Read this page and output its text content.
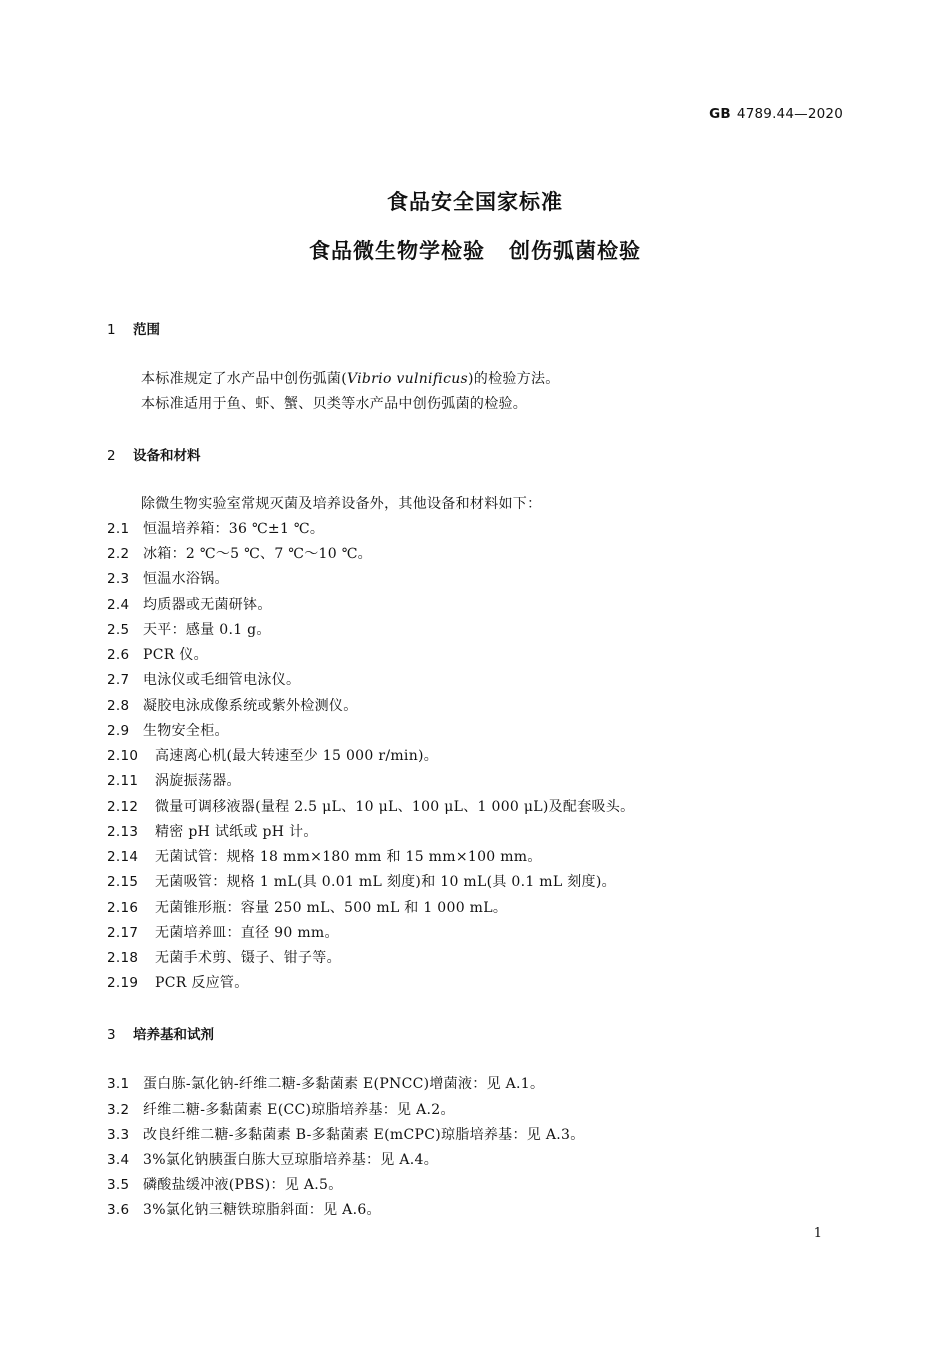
GB 4789.44—2020
食品安全国家标准
食品微生物学检验 创伤弧菌检验
1 范围
本标准规定了水产品中创伤弧菌(Vibrio vulnificus)的检验方法。
本标准适用于鱼、虾、蟹、贝类等水产品中创伤弧菌的检验。
2 设备和材料
除微生物实验室常规灭菌及培养设备外，其他设备和材料如下：
2.1 恒温培养箱：36 ℃±1 ℃。
2.2 冰箱：2 ℃～5 ℃、7 ℃～10 ℃。
2.3 恒温水浴锅。
2.4 均质器或无菌研钵。
2.5 天平：感量 0.1 g。
2.6 PCR 仪。
2.7 电泳仪或毛细管电泳仪。
2.8 凝胶电泳成像系统或紫外检测仪。
2.9 生物安全柜。
2.10 高速离心机(最大转速至少 15 000 r/min)。
2.11 涡旋振荡器。
2.12 微量可调移液器(量程 2.5 μL、10 μL、100 μL、1 000 μL)及配套吸头。
2.13 精密 pH 试纸或 pH 计。
2.14 无菌试管：规格 18 mm×180 mm 和 15 mm×100 mm。
2.15 无菌吸管：规格 1 mL(具 0.01 mL 刻度)和 10 mL(具 0.1 mL 刻度)。
2.16 无菌锥形瓶：容量 250 mL、500 mL 和 1 000 mL。
2.17 无菌培养皿：直径 90 mm。
2.18 无菌手术剪、镊子、钳子等。
2.19 PCR 反应管。
3 培养基和试剂
3.1 蛋白胨-氯化钠-纤维二糖-多黏菌素 E(PNCC)增菌液：见 A.1。
3.2 纤维二糖-多黏菌素 E(CC)琼脂培养基：见 A.2。
3.3 改良纤维二糖-多黏菌素 B-多黏菌素 E(mCPC)琼脂培养基：见 A.3。
3.4 3%氯化钠胰蛋白胨大豆琼脂培养基：见 A.4。
3.5 磷酸盐缓冲液(PBS)：见 A.5。
3.6 3%氯化钠三糖铁琼脂斜面：见 A.6。
1
